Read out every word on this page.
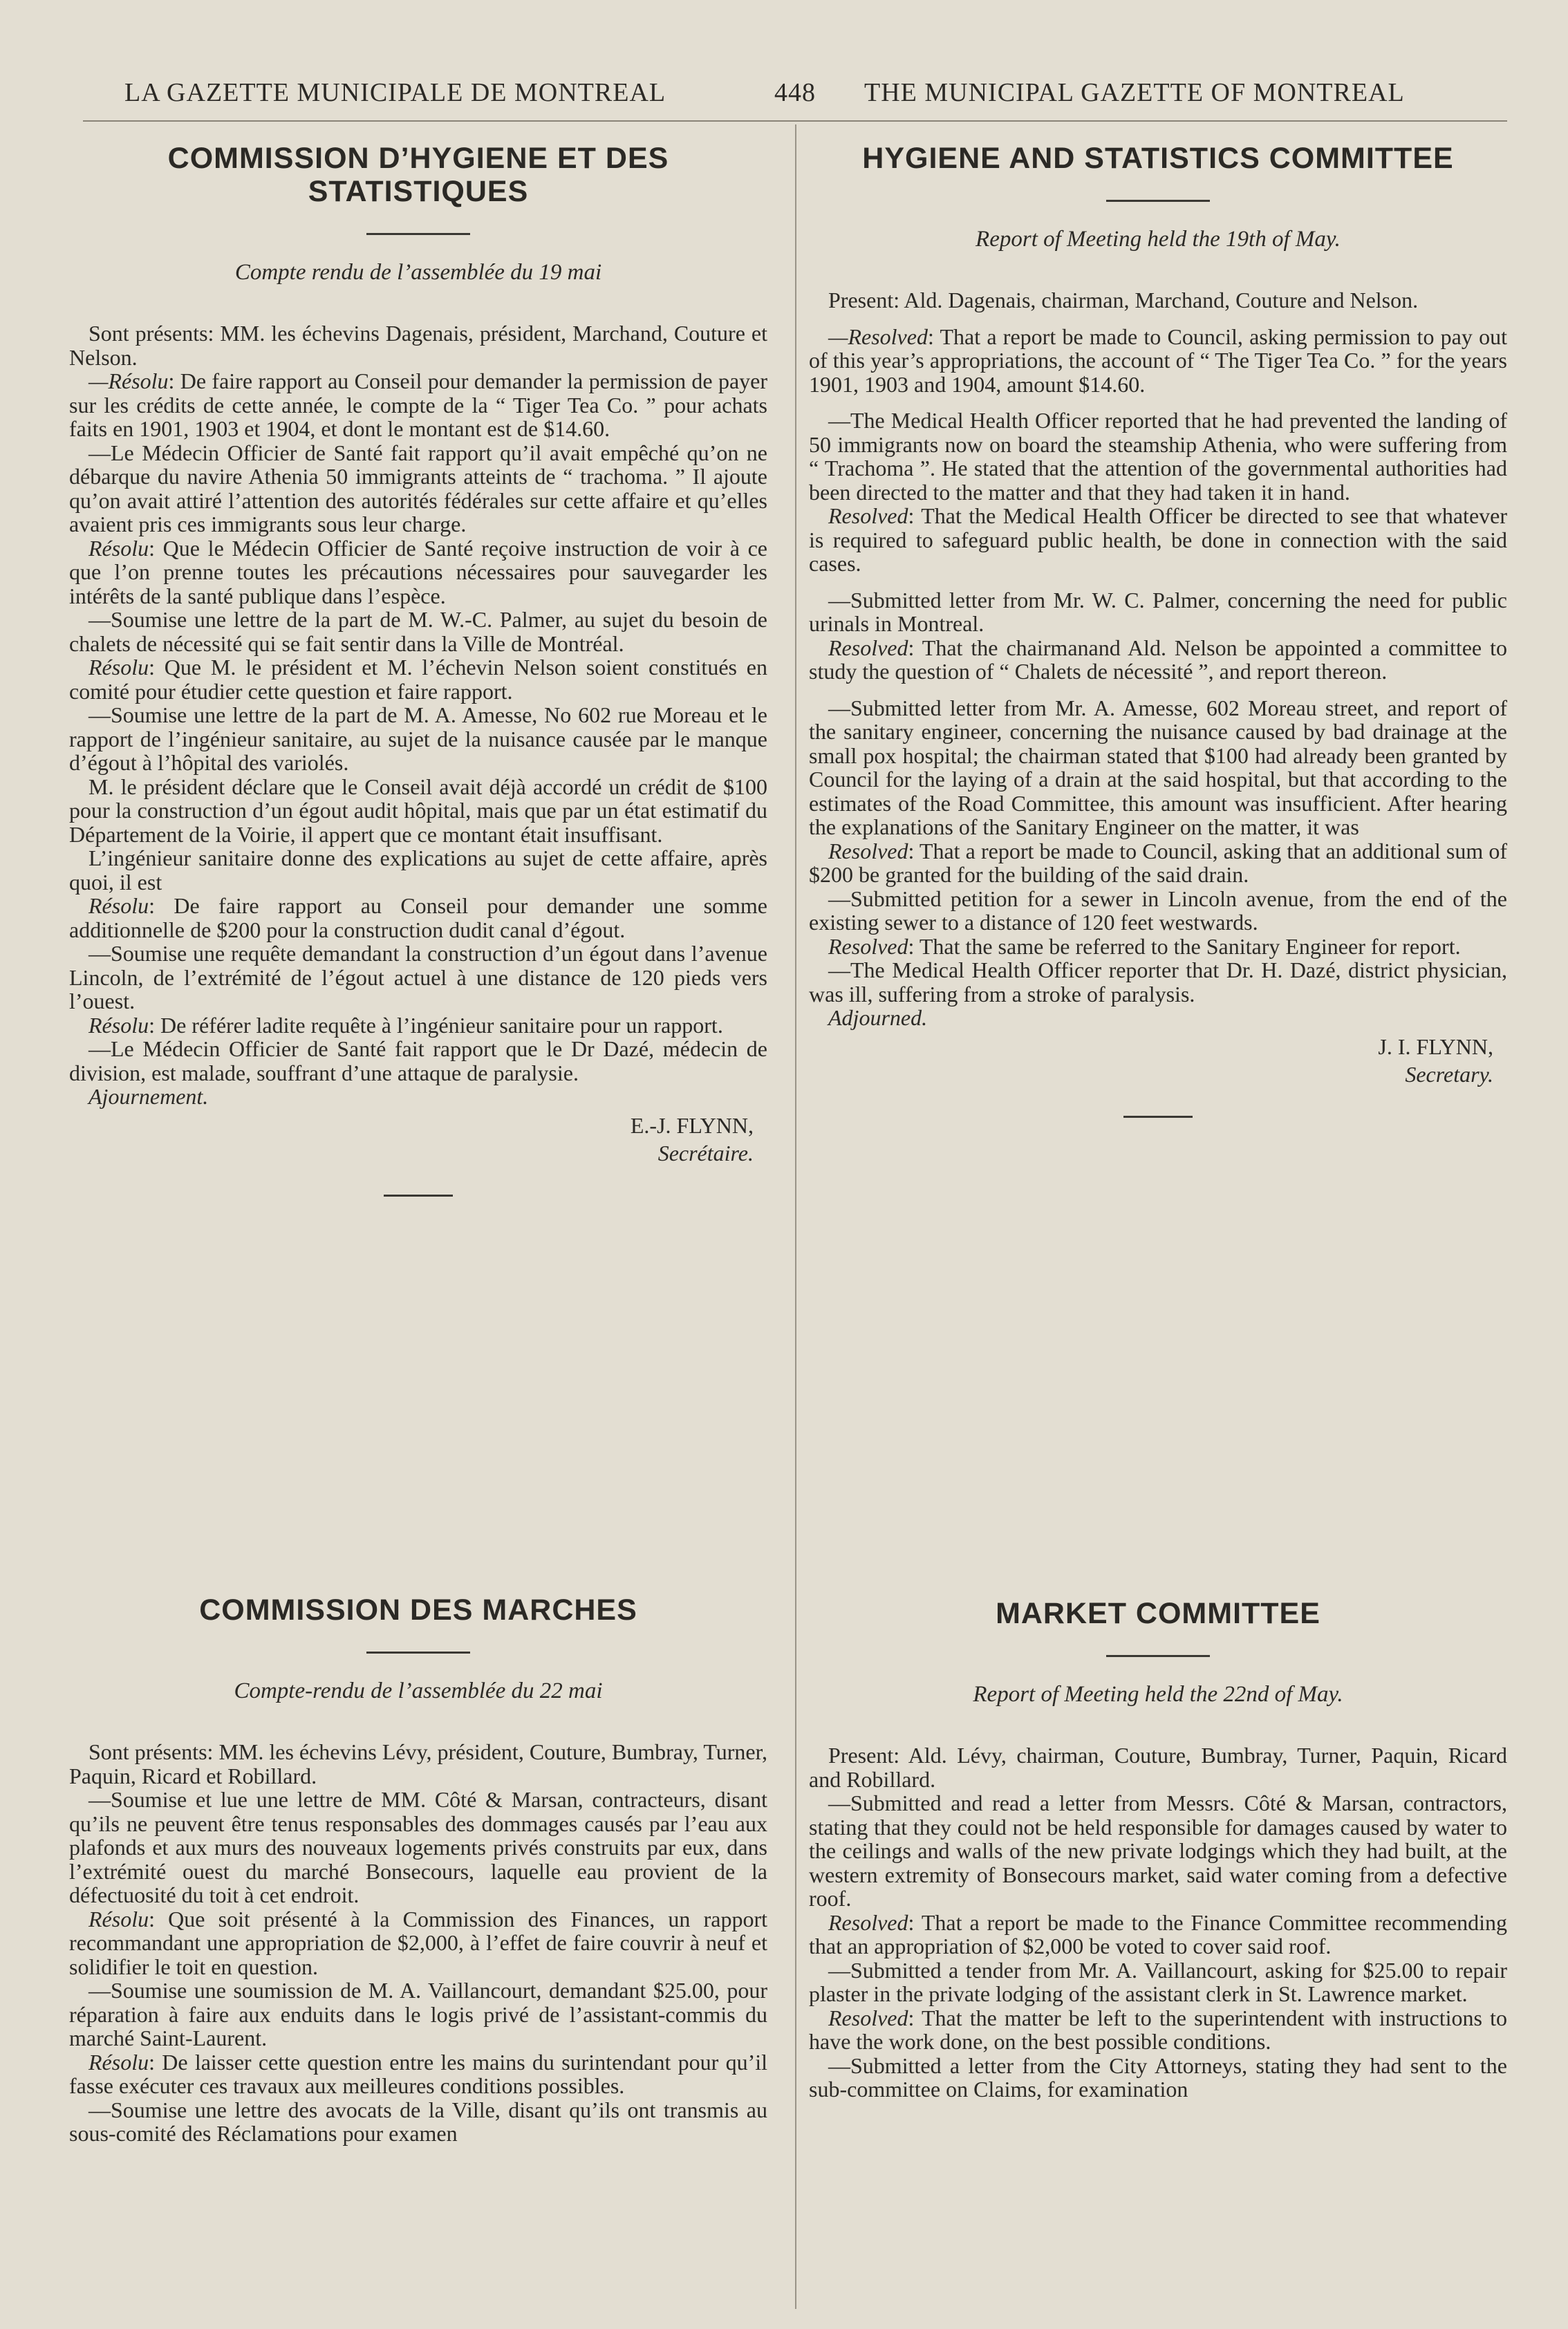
LA GAZETTE MUNICIPALE DE MONTREAL	448 THE MUNICIPAL GAZETTE OF MONTREAL
COMMISSION D’HYGIENE ET DES STATISTIQUES

Compte rendu de l’assemblée du 19 mai

Sont présents: MM. les échevins Dagenais, président, Marchand, Couture et Nelson.

—Résolu: De faire rapport au Conseil pour demander la permission de payer sur les crédits de cette année, le compte de la “ Tiger Tea Co. ” pour achats faits en 1901, 1903 et 1904, et dont le montant est de $14.60.

—Le Médecin Officier de Santé fait rapport qu’il avait empêché qu’on ne débarque du navire Athenia 50 immigrants atteints de “ trachoma. ” Il ajoute qu’on avait attiré l’attention des autorités fédérales sur cette affaire et qu’elles avaient pris ces immigrants sous leur charge.

Résolu: Que le Médecin Officier de Santé reçoive instruction de voir à ce que l’on prenne toutes les précautions nécessaires pour sauvegarder les intérêts de la santé publique dans l’espèce.

—Soumise une lettre de la part de M. W.-C. Palmer, au sujet du besoin de chalets de nécessité qui se fait sentir dans la Ville de Montréal.

Résolu: Que M. le président et M. l’échevin Nelson soient constitués en comité pour étudier cette question et faire rapport.

—Soumise une lettre de la part de M. A. Amesse, No 602 rue Moreau et le rapport de l’ingénieur sanitaire, au sujet de la nuisance causée par le manque d’égout à l’hôpital des variolés.

M. le président déclare que le Conseil avait déjà accordé un crédit de $100 pour la construction d’un égout audit hôpital, mais que par un état estimatif du Département de la Voirie, il appert que ce montant était insuffisant.

L’ingénieur sanitaire donne des explications au sujet de cette affaire, après quoi, il est

Résolu: De faire rapport au Conseil pour demander une somme additionnelle de $200 pour la construction dudit canal d’égout.

—Soumise une requête demandant la construction d’un égout dans l’avenue Lincoln, de l’extrémité de l’égout actuel à une distance de 120 pieds vers l’ouest.

Résolu: De référer ladite requête à l’ingénieur sanitaire pour un rapport.

—Le Médecin Officier de Santé fait rapport que le Dr Dazé, médecin de division, est malade, souffrant d’une attaque de paralysie.

Ajournement.

E.-J. FLYNN,
Secrétaire.
COMMISSION DES MARCHES

Compte-rendu de l’assemblée du 22 mai

Sont présents: MM. les échevins Lévy, président, Couture, Bumbray, Turner, Paquin, Ricard et Robillard.

—Soumise et lue une lettre de MM. Côté & Marsan, contracteurs, disant qu’ils ne peuvent être tenus responsables des dommages causés par l’eau aux plafonds et aux murs des nouveaux logements privés construits par eux, dans l’extrémité ouest du marché Bonsecours, laquelle eau provient de la défectuosité du toit à cet endroit.

Résolu: Que soit présenté à la Commission des Finances, un rapport recommandant une appropriation de $2,000, à l’effet de faire couvrir à neuf et solidifier le toit en question.

—Soumise une soumission de M. A. Vaillancourt, demandant $25.00, pour réparation à faire aux enduits dans le logis privé de l’assistant-commis du marché Saint-Laurent.

Résolu: De laisser cette question entre les mains du surintendant pour qu’il fasse exécuter ces travaux aux meilleures conditions possibles.

—Soumise une lettre des avocats de la Ville, disant qu’ils ont transmis au sous-comité des Réclamations pour examen

HYGIENE AND STATISTICS COMMITTEE

Report of Meeting held the 19th of May.

Present: Ald. Dagenais, chairman, Marchand, Couture and Nelson.

—Resolved: That a report be made to Council, asking permission to pay out of this year’s appropriations, the account of “ The Tiger Tea Co. ” for the years 1901, 1903 and 1904, amount $14.60.

—The Medical Health Officer reported that he had prevented the landing of 50 immigrants now on board the steamship Athenia, who were suffering from “ Trachoma ”. He stated that the attention of the governmental authorities had been directed to the matter and that they had taken it in hand.

Resolved: That the Medical Health Officer be directed to see that whatever is required to safeguard public health, be done in connection with the said cases.

—Submitted letter from Mr. W. C. Palmer, concerning the need for public urinals in Montreal.

Resolved: That the chairmanand Ald. Nelson be appointed a committee to study the question of “ Chalets de nécessité ”, and report thereon.

—Submitted letter from Mr. A. Amesse, 602 Moreau street, and report of the sanitary engineer, concerning the nuisance caused by bad drainage at the small pox hospital; the chairman stated that $100 had already been granted by Council for the laying of a drain at the said hospital, but that according to the estimates of the Road Committee, this amount was insufficient. After hearing the explanations of the Sanitary Engineer on the matter, it was

Resolved: That a report be made to Council, asking that an additional sum of $200 be granted for the building of the said drain.

—Submitted petition for a sewer in Lincoln avenue, from the end of the existing sewer to a distance of 120 feet westwards.

Resolved: That the same be referred to the Sanitary Engineer for report.

—The Medical Health Officer reporter that Dr. H. Dazé, district physician, was ill, suffering from a stroke of paralysis.

Adjourned.

J. I. FLYNN,
Secretary.
MARKET COMMITTEE

Report of Meeting held the 22nd of May.

Present: Ald. Lévy, chairman, Couture, Bumbray, Turner, Paquin, Ricard and Robillard.

—Submitted and read a letter from Messrs. Côté & Marsan, contractors, stating that they could not be held responsible for damages caused by water to the ceilings and walls of the new private lodgings which they had built, at the western extremity of Bonsecours market, said water coming from a defective roof.

Resolved: That a report be made to the Finance Committee recommending that an appropriation of $2,000 be voted to cover said roof.

—Submitted a tender from Mr. A. Vaillancourt, asking for $25.00 to repair plaster in the private lodging of the assistant clerk in St. Lawrence market.

Resolved: That the matter be left to the superintendent with instructions to have the work done, on the best possible conditions.

—Submitted a letter from the City Attorneys, stating they had sent to the sub-committee on Claims, for examination
